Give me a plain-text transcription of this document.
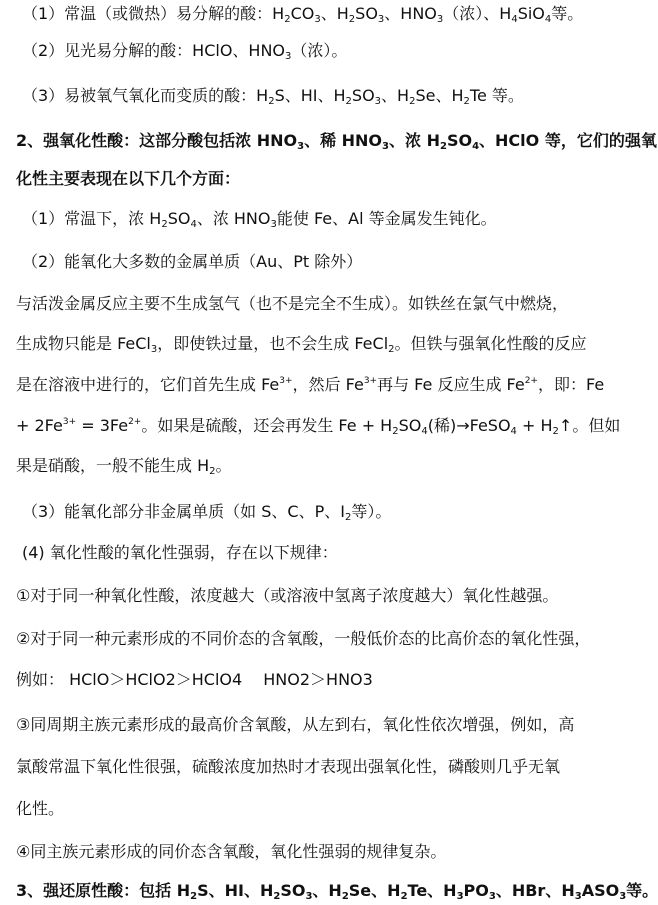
（1）常温（或微热）易分解的酸：$H_2CO_3$、$H_2SO_3$、$HNO_3$（浓）、$H_4SiO_4$等。
（2）见光易分解的酸：HClO、$HNO_3$（浓）。
（3）易被氧气氧化而变质的酸：$H_2S$、HI、$H_2SO_3$、$H_2Se$、$H_2Te$ 等。
2、强氧化性酸：这部分酸包括浓 $HNO_3$、稀 $HNO_3$、浓 $H_2SO_4$、HClO 等，它们的强氧
化性主要表现在以下几个方面：
（1）常温下，浓 $H_2SO_4$、浓 $HNO_3$能使 Fe、Al 等金属发生钝化。
（2）能氧化大多数的金属单质（Au、Pt 除外）
与活泼金属反应主要不生成氢气（也不是完全不生成）。如铁丝在氯气中燃烧，
生成物只能是 FeCl$_3$，即使铁过量，也不会生成 FeCl$_2$。但铁与强氧化性酸的反应
是在溶液中进行的，它们首先生成 $Fe^{3+}$，然后 $Fe^{3+}$再与 Fe 反应生成 $Fe^{2+}$，即：Fe
+ $2Fe^{3+} = 3Fe^{2+}$。如果是硫酸，还会再发生 $Fe + H_2SO_4$(稀)→FeSO$_4$ + $H_2↑$。但如
果是硝酸，一般不能生成 $H_2$。
（3）能氧化部分非金属单质（如 S、C、P、$I_2$等）。
(4) 氧化性酸的氧化性强弱，存在以下规律：
①对于同一种氧化性酸，浓度越大（或溶液中氢离子浓度越大）氧化性越强。
②对于同一种元素形成的不同价态的含氧酸，一般低价态的比高价态的氧化性强，
例如： HClO＞HClO2＞HClO4 　HNO2＞HNO3
③同周期主族元素形成的最高价含氧酸，从左到右，氧化性依次增强，例如，高
氯酸常温下氧化性很强，硫酸浓度加热时才表现出强氧化性，磷酸则几乎无氧
化性。
④同主族元素形成的同价态含氧酸，氧化性强弱的规律复杂。
3、强还原性酸：包括 $H_2S$、HI、$H_2SO_3$、$H_2Se$、$H_2Te$、$H_3PO_3$、HBr、$H_3ASO_3$等。
